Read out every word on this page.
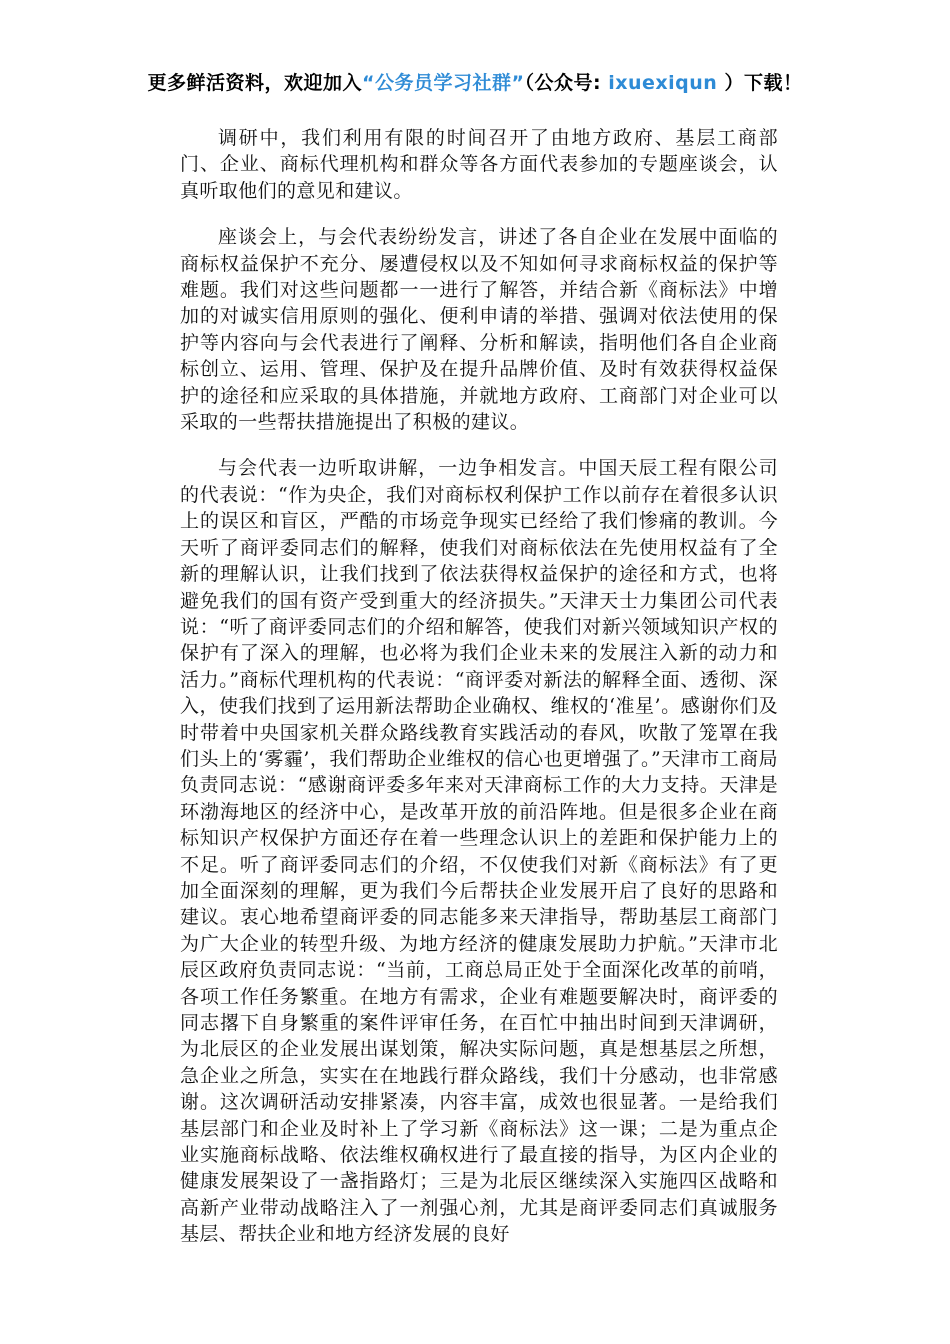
更多鲜活资料，欢迎加入“公务员学习社群”（公众号: ixuexiqun ）下载！

调研中，我们利用有限的时间召开了由地方政府、基层工商部门、企业、商标代理机构和群众等各方面代表参加的专题座谈会，认真听取他们的意见和建议。

座谈会上，与会代表纷纷发言，讲述了各自企业在发展中面临的商标权益保护不充分、屡遭侵权以及不知如何寻求商标权益的保护等难题。我们对这些问题都一一进行了解答，并结合新《商标法》中增加的对诚实信用原则的强化、便利申请的举措、强调对依法使用的保护等内容向与会代表进行了阐释、分析和解读，指明他们各自企业商标创立、运用、管理、保护及在提升品牌价值、及时有效获得权益保护的途径和应采取的具体措施，并就地方政府、工商部门对企业可以采取的一些帮扶措施提出了积极的建议。

与会代表一边听取讲解，一边争相发言。中国天辰工程有限公司的代表说：“作为央企，我们对商标权利保护工作以前存在着很多认识上的误区和盲区，严酷的市场竞争现实已经给了我们惨痛的教训。今天听了商评委同志们的解释，使我们对商标依法在先使用权益有了全新的理解认识，让我们找到了依法获得权益保护的途径和方式，也将避免我们的国有资产受到重大的经济损失。”天津天士力集团公司代表说：“听了商评委同志们的介绍和解答，使我们对新兴领域知识产权的保护有了深入的理解，也必将为我们企业未来的发展注入新的动力和活力。”商标代理机构的代表说：“商评委对新法的解释全面、透彻、深入，使我们找到了运用新法帮助企业确权、维权的‘准星’。感谢你们及时带着中央国家机关群众路线教育实践活动的春风，吹散了笼罩在我们头上的‘雾霾’，我们帮助企业维权的信心也更增强了。”天津市工商局负责同志说：“感谢商评委多年来对天津商标工作的大力支持。天津是环渤海地区的经济中心，是改革开放的前沿阵地。但是很多企业在商标知识产权保护方面还存在着一些理念认识上的差距和保护能力上的不足。听了商评委同志们的介绍，不仅使我们对新《商标法》有了更加全面深刻的理解，更为我们今后帮扶企业发展开启了良好的思路和建议。衷心地希望商评委的同志能多来天津指导，帮助基层工商部门为广大企业的转型升级、为地方经济的健康发展助力护航。”天津市北辰区政府负责同志说：“当前，工商总局正处于全面深化改革的前哨，各项工作任务繁重。在地方有需求，企业有难题要解决时，商评委的同志撂下自身繁重的案件评审任务，在百忙中抽出时间到天津调研，为北辰区的企业发展出谋划策，解决实际问题，真是想基层之所想，急企业之所急，实实在在地践行群众路线，我们十分感动，也非常感谢。这次调研活动安排紧凑，内容丰富，成效也很显著。一是给我们基层部门和企业及时补上了学习新《商标法》这一课；二是为重点企业实施商标战略、依法维权确权进行了最直接的指导，为区内企业的健康发展架设了一盏指路灯；三是为北辰区继续深入实施四区战略和高新产业带动战略注入了一剂强心剂，尤其是商评委同志们真诚服务基层、帮扶企业和地方经济发展的良好
